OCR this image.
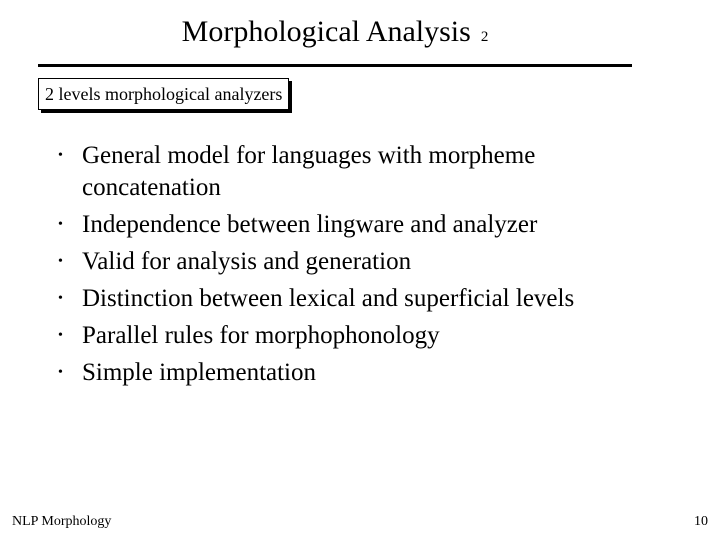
Morphological Analysis 2
2 levels morphological analyzers
• General model for languages with morpheme concatenation
• Independence between lingware and analyzer
• Valid for analysis and generation
• Distinction between lexical and superficial levels
• Parallel rules for morphophonology
• Simple implementation
NLP Morphology	10
